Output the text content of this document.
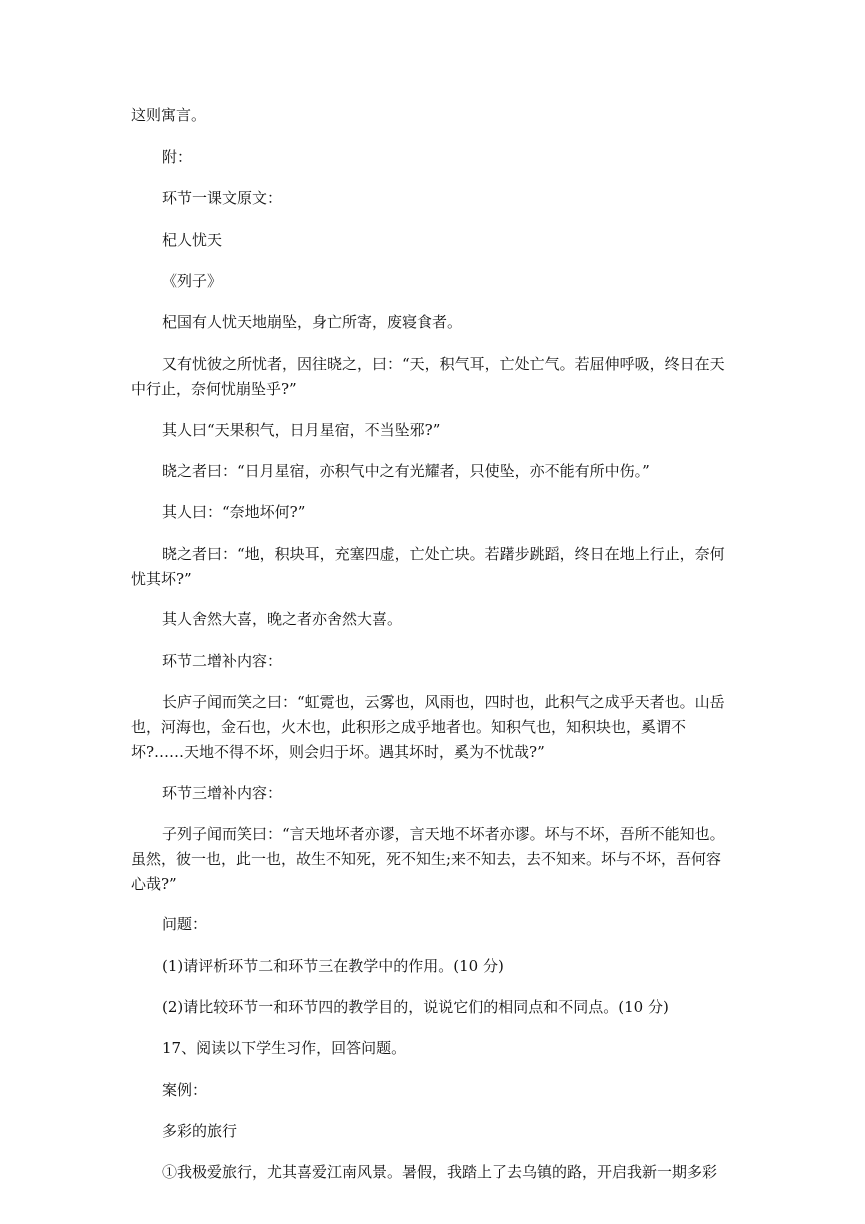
这则寓言。

附：

环节一课文原文：

杞人忧天

《列子》

杞国有人忧天地崩坠，身亡所寄，废寝食者。

又有忧彼之所忧者，因往晓之，曰：“天，积气耳，亡处亡气。若屈伸呼吸，终日在天中行止，奈何忧崩坠乎?”

其人曰“天果积气，日月星宿，不当坠邪?”

晓之者曰：“日月星宿，亦积气中之有光耀者，只使坠，亦不能有所中伤。”

其人曰：“奈地坏何?”

晓之者曰：“地，积块耳，充塞四虚，亡处亡块。若躇步跳蹈，终日在地上行止，奈何忧其坏?”

其人舍然大喜，晚之者亦舍然大喜。

环节二增补内容：

长庐子闻而笑之曰：“虹霓也，云雾也，风雨也，四时也，此积气之成乎天者也。山岳也，河海也，金石也，火木也，此积形之成乎地者也。知积气也，知积块也，奚谓不坏?……天地不得不坏，则会归于坏。遇其坏时，奚为不忧哉?”

环节三增补内容：

子列子闻而笑曰：“言天地坏者亦谬，言天地不坏者亦谬。坏与不坏，吾所不能知也。虽然，彼一也，此一也，故生不知死，死不知生;来不知去，去不知来。坏与不坏，吾何容心哉?”

问题：

(1)请评析环节二和环节三在教学中的作用。(10 分)

(2)请比较环节一和环节四的教学目的，说说它们的相同点和不同点。(10 分)

17、阅读以下学生习作，回答问题。

案例：

多彩的旅行

①我极爱旅行，尤其喜爱江南风景。暑假，我踏上了去乌镇的路，开启我新一期多彩
